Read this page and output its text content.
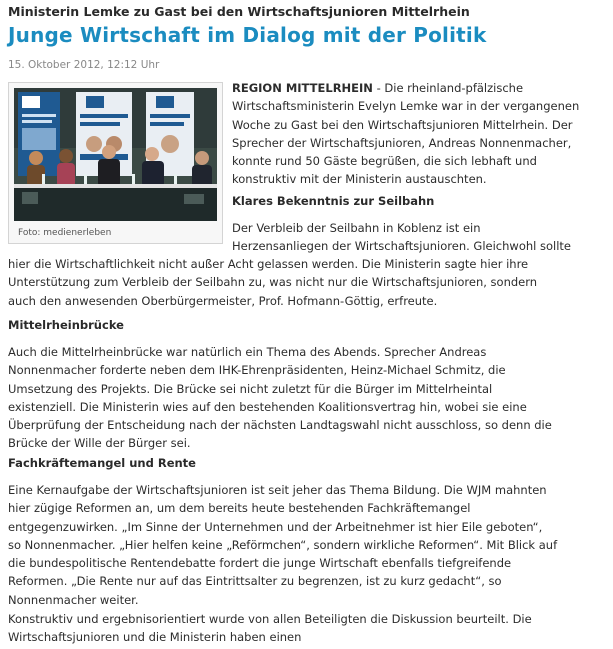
Ministerin Lemke zu Gast bei den Wirtschaftsjunioren Mittelrhein
Junge Wirtschaft im Dialog mit der Politik
15. Oktober 2012, 12:12 Uhr
Foto: medienerleben
REGION MITTELRHEIN - Die rheinland-pfälzische
Wirtschaftsministerin Evelyn Lemke war in der vergangenen
Woche zu Gast bei den Wirtschaftsjunioren Mittelrhein. Der
Sprecher der Wirtschaftsjunioren, Andreas Nonnenmacher,
konnte rund 50 Gäste begrüßen, die sich lebhaft und
konstruktiv mit der Ministerin austauschten.
Klares Bekenntnis zur Seilbahn
Der Verbleib der Seilbahn in Koblenz ist ein
Herzensanliegen der Wirtschaftsjunioren. Gleichwohl sollte
hier die Wirtschaftlichkeit nicht außer Acht gelassen werden. Die Ministerin sagte hier ihre
Unterstützung zum Verbleib der Seilbahn zu, was nicht nur die Wirtschaftsjunioren, sondern
auch den anwesenden Oberbürgermeister, Prof. Hofmann-Göttig, erfreute.
Mittelrheinbrücke
Auch die Mittelrheinbrücke war natürlich ein Thema des Abends. Sprecher Andreas
Nonnenmacher forderte neben dem IHK-Ehrenpräsidenten, Heinz-Michael Schmitz, die
Umsetzung des Projekts. Die Brücke sei nicht zuletzt für die Bürger im Mittelrheintal
existenziell. Die Ministerin wies auf den bestehenden Koalitionsvertrag hin, wobei sie eine
Überprüfung der Entscheidung nach der nächsten Landtagswahl nicht ausschloss, so denn die
Brücke der Wille der Bürger sei.
Fachkräftemangel und Rente
Eine Kernaufgabe der Wirtschaftsjunioren ist seit jeher das Thema Bildung. Die WJM mahnten
hier zügige Reformen an, um dem bereits heute bestehenden Fachkräftemangel
entgegenzuwirken. „Im Sinne der Unternehmen und der Arbeitnehmer ist hier Eile geboten“,
so Nonnenmacher. „Hier helfen keine „Reförmchen“, sondern wirkliche Reformen“. Mit Blick auf
die bundespolitische Rentendebatte fordert die junge Wirtschaft ebenfalls tiefgreifende
Reformen. „Die Rente nur auf das Eintrittsalter zu begrenzen, ist zu kurz gedacht“, so
Nonnenmacher weiter.
Konstruktiv und ergebnisorientiert wurde von allen Beteiligten die Diskussion beurteilt. Die
Wirtschaftsjunioren und die Ministerin haben einen
